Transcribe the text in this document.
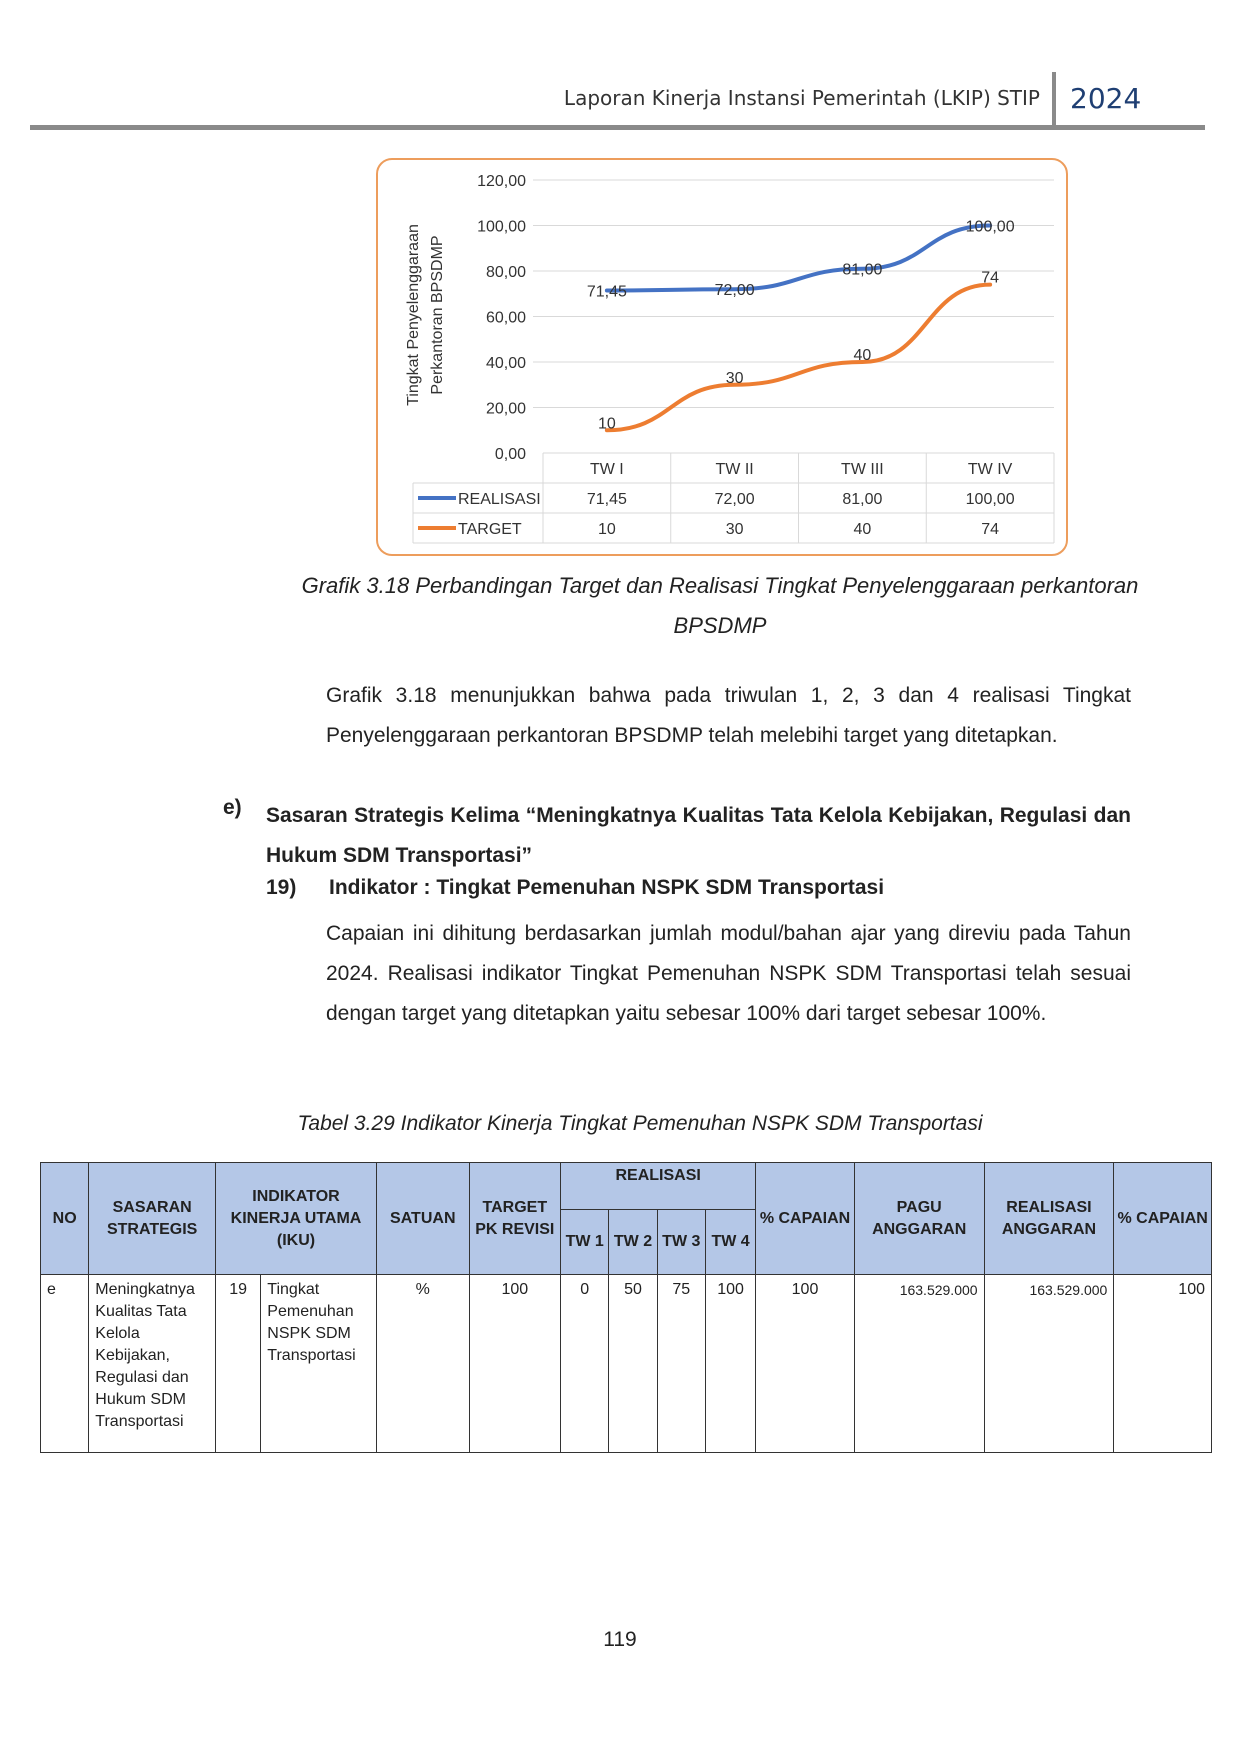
Laporan Kinerja Instansi Pemerintah (LKIP) STIP 2024
0,00
20,00
40,00
60,00
80,00
100,00
120,00
Tingkat Penyelenggaraan Perkantoran BPSDMP
TW I	TW II	TW III	TW IV
71,45	72,00
81,00
100,00
REALISASI	71,45	72,00	81,00	100,00
10
30
40
74
TARGET	10	30	40	74
Grafik 3.18 Perbandingan Target dan Realisasi Tingkat Penyelenggaraan perkantoran BPSDMP
Grafik 3.18 menunjukkan bahwa pada triwulan 1, 2, 3 dan 4 realisasi Tingkat Penyelenggaraan perkantoran BPSDMP telah melebihi target yang ditetapkan.
e) Sasaran Strategis Kelima “Meningkatnya Kualitas Tata Kelola Kebijakan, Regulasi dan Hukum SDM Transportasi”
19) Indikator : Tingkat Pemenuhan NSPK SDM Transportasi
Capaian ini dihitung berdasarkan jumlah modul/bahan ajar yang direviu pada Tahun 2024. Realisasi indikator Tingkat Pemenuhan NSPK SDM Transportasi telah sesuai dengan target yang ditetapkan yaitu sebesar 100% dari target sebesar 100%.
Tabel 3.29 Indikator Kinerja Tingkat Pemenuhan NSPK SDM Transportasi
NO	SASARAN STRATEGIS	INDIKATOR KINERJA UTAMA (IKU)		SATUAN	TARGET PK REVISI	REALISASI				% CAPAIAN	PAGU ANGGARAN	REALISASI ANGGARAN	% CAPAIAN
						TW 1	TW 2	TW 3	TW 4				
e	Meningkatnya Kualitas Tata Kelola Kebijakan, Regulasi dan Hukum SDM Transportasi	19	Tingkat Pemenuhan NSPK SDM Transportasi	%	100	0	50	75	100	100	163.529.000	163.529.000	100
119
